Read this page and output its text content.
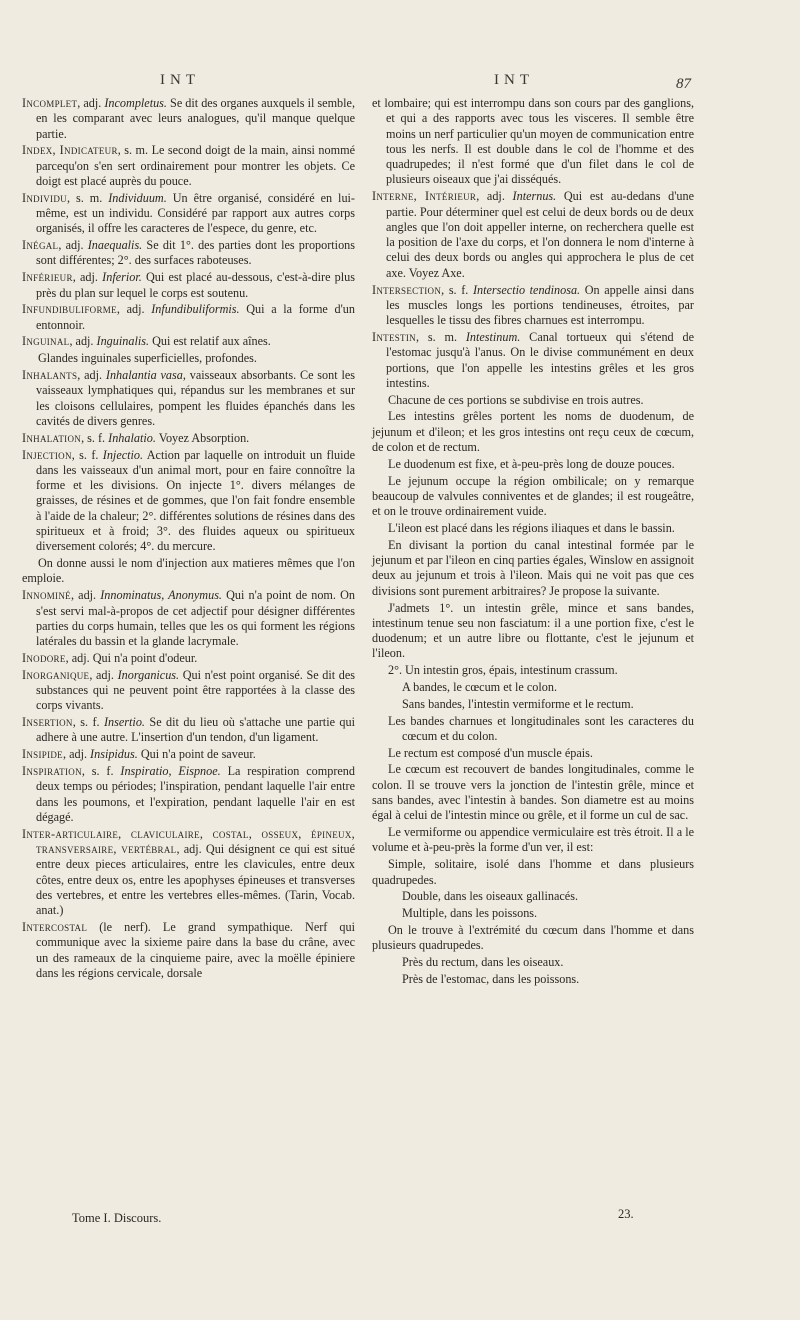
INT	INT	87

Incomplet, adj. Incompletus. Se dit des organes auxquels il semble, en les comparant avec leurs analogues, qu'il manque quelque partie.

Index, Indicateur, s. m. Le second doigt de la main, ainsi nommé parcequ'on s'en sert ordinairement pour montrer les objets. Ce doigt est placé auprès du pouce.

Individu, s. m. Individuum. Un être organisé, considéré en lui-même, est un individu. Considéré par rapport aux autres corps organisés, il offre les caracteres de l'espece, du genre, etc.

Inégal, adj. Inaequalis. Se dit 1°. des parties dont les proportions sont différentes; 2°. des surfaces raboteuses.

Inférieur, adj. Inferior. Qui est placé au-dessous, c'est-à-dire plus près du plan sur lequel le corps est soutenu.

Infundibuliforme, adj. Infundibuliformis. Qui a la forme d'un entonnoir.

Inguinal, adj. Inguinalis. Qui est relatif aux aînes.

Glandes inguinales superficielles, profondes.

Inhalants, adj. Inhalantia vasa, vaisseaux absorbants. Ce sont les vaisseaux lymphatiques qui, répandus sur les membranes et sur les cloisons cellulaires, pompent les fluides épanchés dans les cavités de divers genres.

Inhalation, s. f. Inhalatio. Voyez Absorption.

Injection, s. f. Injectio. Action par laquelle on introduit un fluide dans les vaisseaux d'un animal mort, pour en faire connoître la forme et les divisions. On injecte 1°. divers mélanges de graisses, de résines et de gommes, que l'on fait fondre ensemble à l'aide de la chaleur; 2°. différentes solutions de résines dans des spiritueux et à froid; 3°. des fluides aqueux ou spiritueux diversement colorés; 4°. du mercure.

On donne aussi le nom d'injection aux matieres mêmes que l'on emploie.

Innominé, adj. Innominatus, Anonymus. Qui n'a point de nom. On s'est servi mal-à-propos de cet adjectif pour désigner différentes parties du corps humain, telles que les os qui forment les régions latérales du bassin et la glande lacrymale.

Inodore, adj. Qui n'a point d'odeur.

Inorganique, adj. Inorganicus. Qui n'est point organisé. Se dit des substances qui ne peuvent point être rapportées à la classe des corps vivants.

Insertion, s. f. Insertio. Se dit du lieu où s'attache une partie qui adhere à une autre. L'insertion d'un tendon, d'un ligament.

Insipide, adj. Insipidus. Qui n'a point de saveur.

Inspiration, s. f. Inspiratio, Eispnoe. La respiration comprend deux temps ou périodes; l'inspiration, pendant laquelle l'air entre dans les poumons, et l'expiration, pendant laquelle l'air en est dégagé.

Inter-articulaire, claviculaire, costal, osseux, épineux, transversaire, vertébral, adj. Qui désignent ce qui est situé entre deux pieces articulaires, entre les clavicules, entre deux côtes, entre deux os, entre les apophyses épineuses et transverses des vertebres, et entre les vertebres elles-mêmes. (Tarin, Vocab. anat.)

Intercostal (le nerf). Le grand sympathique. Nerf qui communique avec la sixieme paire dans la base du crâne, avec un des rameaux de la cinquieme paire, avec la moëlle épiniere dans les régions cervicale, dorsale

et lombaire; qui est interrompu dans son cours par des ganglions, et qui a des rapports avec tous les visceres. Il semble être moins un nerf particulier qu'un moyen de communication entre tous les nerfs. Il est double dans le col de l'homme et des quadrupedes; il n'est formé que d'un filet dans le col de plusieurs oiseaux que j'ai disséqués.

Interne, Intérieur, adj. Internus. Qui est au-dedans d'une partie. Pour déterminer quel est celui de deux bords ou de deux angles que l'on doit appeller interne, on recherchera quelle est la position de l'axe du corps, et l'on donnera le nom d'interne à celui des deux bords ou angles qui approchera le plus de cet axe. Voyez Axe.

Intersection, s. f. Intersectio tendinosa. On appelle ainsi dans les muscles longs les portions tendineuses, étroites, par lesquelles le tissu des fibres charnues est interrompu.

Intestin, s. m. Intestinum. Canal tortueux qui s'étend de l'estomac jusqu'à l'anus. On le divise communément en deux portions, que l'on appelle les intestins grêles et les gros intestins.

Chacune de ces portions se subdivise en trois autres.

Les intestins grêles portent les noms de duodenum, de jejunum et d'ileon; et les gros intestins ont reçu ceux de cœcum, de colon et de rectum.

Le duodenum est fixe, et à-peu-près long de douze pouces.

Le jejunum occupe la région ombilicale; on y remarque beaucoup de valvules conniventes et de glandes; il est rougeâtre, et on le trouve ordinairement vuide.

L'ileon est placé dans les régions iliaques et dans le bassin.

En divisant la portion du canal intestinal formée par le jejunum et par l'ileon en cinq parties égales, Winslow en assignoit deux au jejunum et trois à l'ileon. Mais qui ne voit pas que ces divisions sont purement arbitraires? Je propose la suivante.

J'admets 1°. un intestin grêle, mince et sans bandes, intestinum tenue seu non fasciatum: il a une portion fixe, c'est le duodenum; et un autre libre ou flottante, c'est le jejunum et l'ileon.

2°. Un intestin gros, épais, intestinum crassum.

A bandes, le cœcum et le colon.

Sans bandes, l'intestin vermiforme et le rectum.

Les bandes charnues et longitudinales sont les caracteres du cœcum et du colon.

Le rectum est composé d'un muscle épais.

Le cœcum est recouvert de bandes longitudinales, comme le colon. Il se trouve vers la jonction de l'intestin grêle, mince et sans bandes, avec l'intestin à bandes. Son diametre est au moins égal à celui de l'intestin mince ou grêle, et il forme un cul de sac.

Le vermiforme ou appendice vermiculaire est très étroit. Il a le volume et à-peu-près la forme d'un ver, il est:

Simple, solitaire, isolé dans l'homme et dans plusieurs quadrupedes.

Double, dans les oiseaux gallinacés.

Multiple, dans les poissons.

On le trouve à l'extrémité du cœcum dans l'homme et dans plusieurs quadrupedes.

Près du rectum, dans les oiseaux.

Près de l'estomac, dans les poissons.

Tome I. Discours.	23.
